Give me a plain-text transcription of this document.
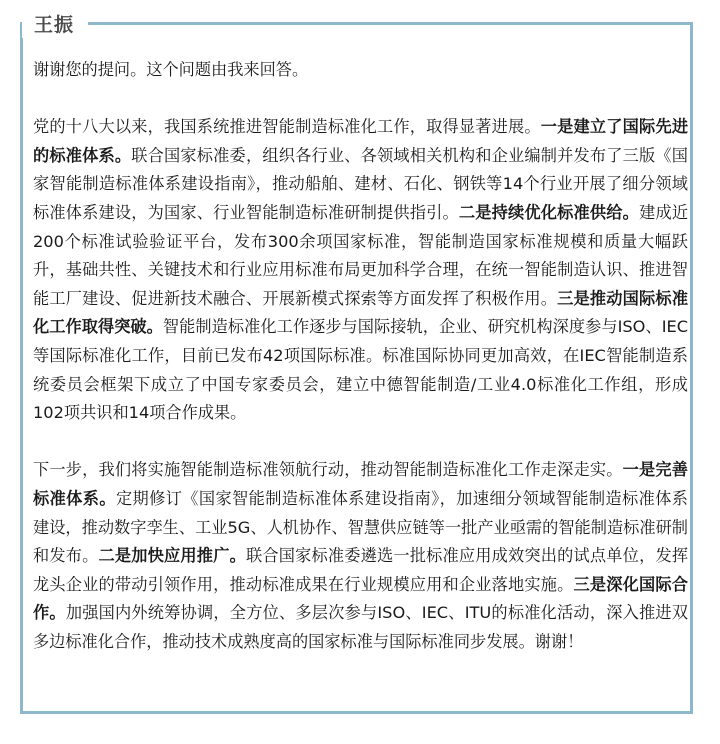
王振

谢谢您的提问。这个问题由我来回答。

党的十八大以来，我国系统推进智能制造标准化工作，取得显著进展。一是建立了国际先进的标准体系。联合国家标准委，组织各行业、各领域相关机构和企业编制并发布了三版《国家智能制造标准体系建设指南》，推动船舶、建材、石化、钢铁等14个行业开展了细分领域标准体系建设，为国家、行业智能制造标准研制提供指引。二是持续优化标准供给。建成近200个标准试验验证平台，发布300余项国家标准，智能制造国家标准规模和质量大幅跃升，基础共性、关键技术和行业应用标准布局更加科学合理，在统一智能制造认识、推进智能工厂建设、促进新技术融合、开展新模式探索等方面发挥了积极作用。三是推动国际标准化工作取得突破。智能制造标准化工作逐步与国际接轨，企业、研究机构深度参与ISO、IEC等国际标准化工作，目前已发布42项国际标准。标准国际协同更加高效，在IEC智能制造系统委员会框架下成立了中国专家委员会，建立中德智能制造/工业4.0标准化工作组，形成102项共识和14项合作成果。

下一步，我们将实施智能制造标准领航行动，推动智能制造标准化工作走深走实。一是完善标准体系。定期修订《国家智能制造标准体系建设指南》，加速细分领域智能制造标准体系建设，推动数字孪生、工业5G、人机协作、智慧供应链等一批产业亟需的智能制造标准研制和发布。二是加快应用推广。联合国家标准委遴选一批标准应用成效突出的试点单位，发挥龙头企业的带动引领作用，推动标准成果在行业规模应用和企业落地实施。三是深化国际合作。加强国内外统筹协调，全方位、多层次参与ISO、IEC、ITU的标准化活动，深入推进双多边标准化合作，推动技术成熟度高的国家标准与国际标准同步发展。谢谢！
